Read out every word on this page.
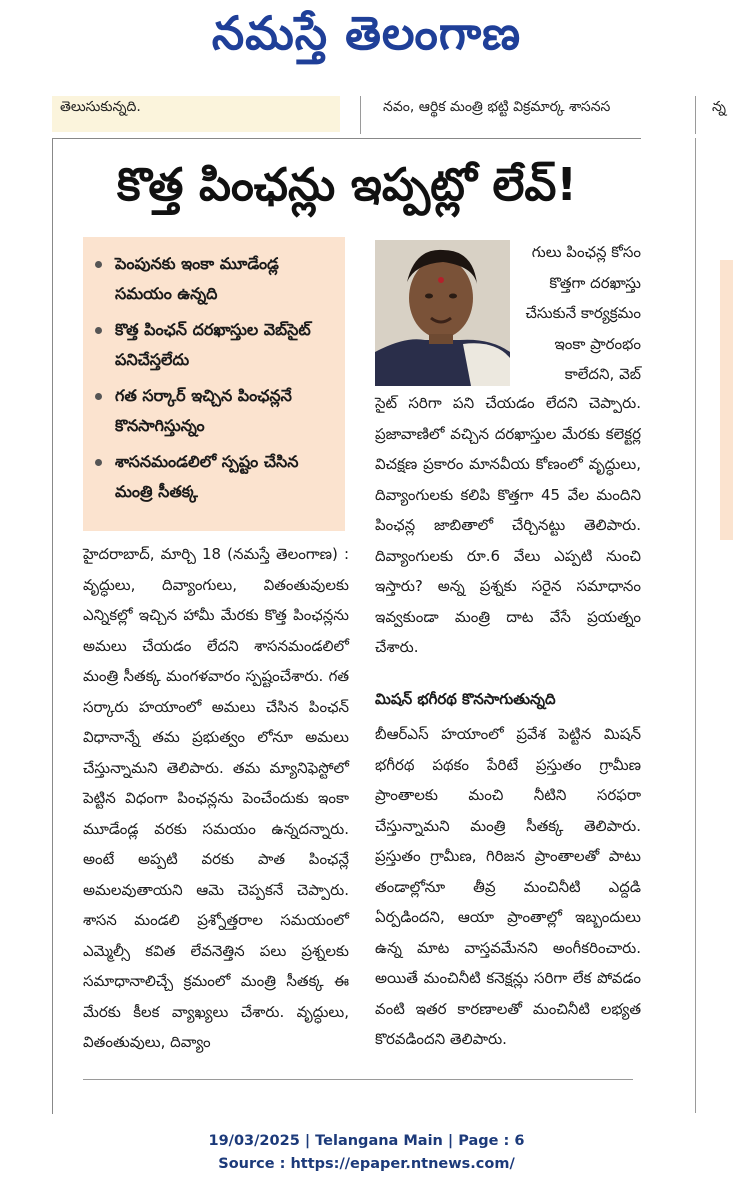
నమస్తే తెలంగాణ
తెలుసుకున్నది.	నవం, ఆర్థిక మంత్రి భట్టి విక్రమార్క శాసనస	న్న
కొత్త పింఛన్లు ఇప్పట్లో లేవ్‌!
పెంపునకు ఇంకా మూడేండ్ల సమయం ఉన్నది
కొత్త పింఛన్‌ దరఖాస్తుల వెబ్‌సైట్‌ పనిచేస్తలేదు
గత సర్కార్‌ ఇచ్చిన పింఛన్లనే కొనసాగిస్తున్నం
శాసనమండలిలో స్పష్టం చేసిన మంత్రి సీతక్క
గులు పింఛన్ల కోసం కొత్తగా దరఖాస్తు చేసుకునే కార్యక్రమం ఇంకా ప్రారంభం కాలేదని, వెబ్‌
సైట్‌ సరిగా పని చేయడం లేదని చెప్పారు. ప్రజావాణిలో వచ్చిన దరఖాస్తుల మేరకు కలెక్టర్ల విచక్షణ ప్రకారం మానవీయ కోణంలో వృద్ధులు, దివ్యాంగులకు కలిపి కొత్తగా 45 వేల మందిని పింఛన్ల జాబితాలో చేర్చినట్టు తెలిపారు. దివ్యాంగులకు రూ.6 వేలు ఎప్పటి నుంచి ఇస్తారు? అన్న ప్రశ్నకు సరైన సమాధానం ఇవ్వకుండా మంత్రి దాట వేసే ప్రయత్నం చేశారు.
మిషన్‌ భగీరథ కొనసాగుతున్నది
బీఆర్‌ఎస్‌ హయాంలో ప్రవేశ పెట్టిన మిషన్‌ భగీరథ పథకం పేరిటే ప్రస్తుతం గ్రామీణ ప్రాంతాలకు మంచి నీటిని సరఫరా చేస్తున్నామని మంత్రి సీతక్క తెలిపారు. ప్రస్తుతం గ్రామీణ, గిరిజన ప్రాంతాలతో పాటు తండాల్లోనూ తీవ్ర మంచినీటి ఎద్దడి ఏర్పడిందని, ఆయా ప్రాంతాల్లో ఇబ్బందులు ఉన్న మాట వాస్తవమేనని అంగీకరించారు. అయితే మంచినీటి కనెక్షన్లు సరిగా లేక పోవడం వంటి ఇతర కారణాలతో మంచినీటి లభ్యత కొరవడిందని తెలిపారు.
హైదరాబాద్‌, మార్చి 18 (నమస్తే తెలంగాణ) : వృద్ధులు, దివ్యాంగులు, వితంతువులకు ఎన్నికల్లో ఇచ్చిన హామీ మేరకు కొత్త పింఛన్లను అమలు చేయడం లేదని శాసనమండలిలో మంత్రి సీతక్క మంగళవారం స్పష్టంచేశారు. గత సర్కారు హయాంలో అమలు చేసిన పింఛన్‌ విధానాన్నే తమ ప్రభుత్వం లోనూ అమలు చేస్తున్నామని తెలిపారు. తమ మ్యానిఫెస్టోలో పెట్టిన విధంగా పింఛన్లను పెంచేందుకు ఇంకా మూడేండ్ల వరకు సమయం ఉన్నదన్నారు. అంటే అప్పటి వరకు పాత పింఛన్లే అమలవుతాయని ఆమె చెప్పకనే చెప్పారు. శాసన మండలి ప్రశ్నోత్తరాల సమయంలో ఎమ్మెల్సీ కవిత లేవనెత్తిన పలు ప్రశ్నలకు సమాధానాలిచ్చే క్రమంలో మంత్రి సీతక్క ఈ మేరకు కీలక వ్యాఖ్యలు చేశారు. వృద్ధులు, వితంతువులు, దివ్యాం
19/03/2025 | Telangana Main | Page : 6
Source : https://epaper.ntnews.com/
